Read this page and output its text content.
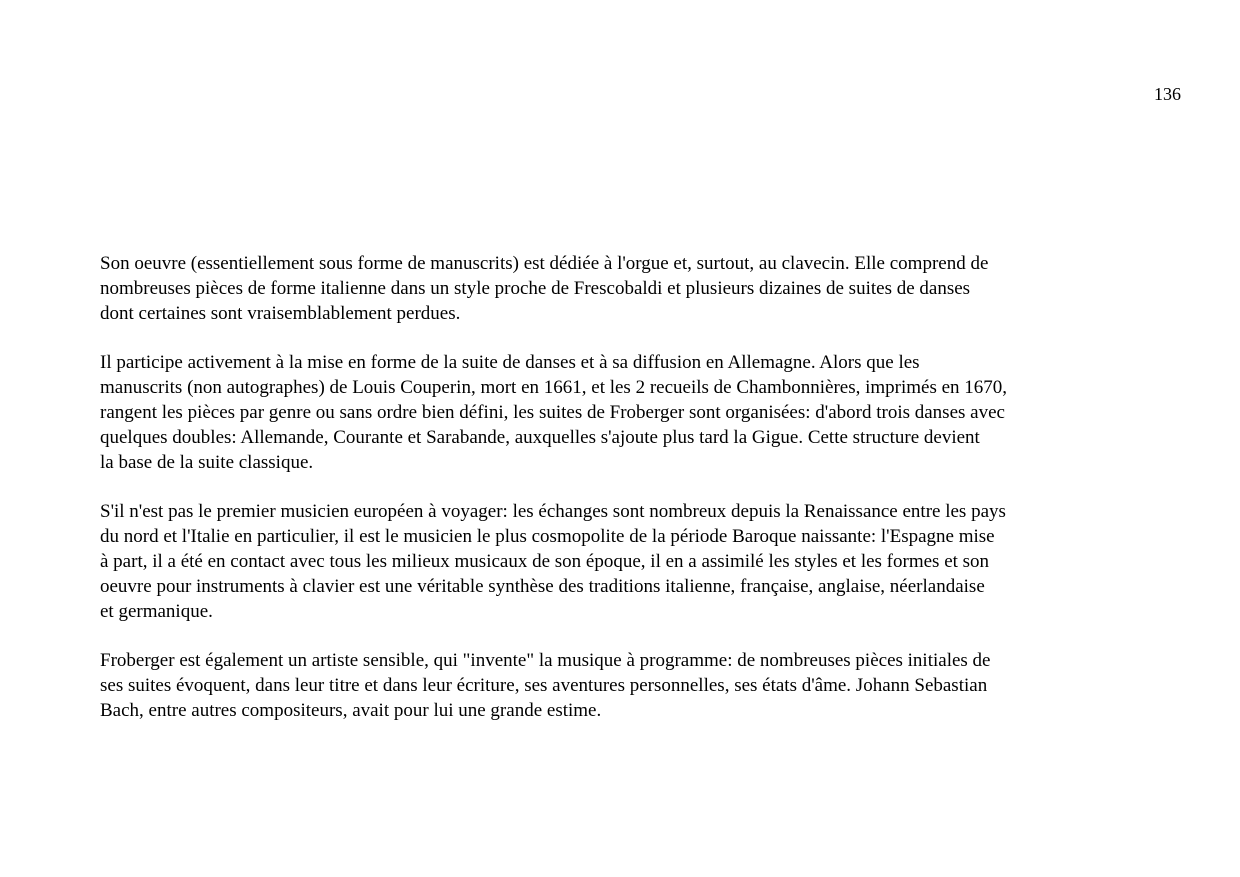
136

Son oeuvre (essentiellement sous forme de manuscrits) est dédiée à l'orgue et, surtout, au clavecin. Elle comprend de
nombreuses pièces de forme italienne dans un style proche de Frescobaldi et plusieurs dizaines de suites de danses
dont certaines sont vraisemblablement perdues.

Il participe activement à la mise en forme de la suite de danses et à sa diffusion en Allemagne. Alors que les
manuscrits (non autographes) de Louis Couperin, mort en 1661, et les 2 recueils de Chambonnières, imprimés en 1670,
rangent les pièces par genre ou sans ordre bien défini, les suites de Froberger sont organisées: d'abord trois danses avec
quelques doubles: Allemande, Courante et Sarabande, auxquelles s'ajoute plus tard la Gigue. Cette structure devient
la base de la suite classique.

S'il n'est pas le premier musicien européen à voyager: les échanges sont nombreux depuis la Renaissance entre les pays
du nord et l'Italie en particulier, il est le musicien le plus cosmopolite de la période Baroque naissante: l'Espagne mise
à part, il a été en contact avec tous les milieux musicaux de son époque, il en a assimilé les styles et les formes et son
oeuvre pour instruments à clavier est une véritable synthèse des traditions italienne, française, anglaise, néerlandaise
et germanique.

Froberger est également un artiste sensible, qui "invente" la musique à programme: de nombreuses pièces initiales de
ses suites évoquent, dans leur titre et dans leur écriture, ses aventures personnelles, ses états d'âme. Johann Sebastian
Bach, entre autres compositeurs, avait pour lui une grande estime.
